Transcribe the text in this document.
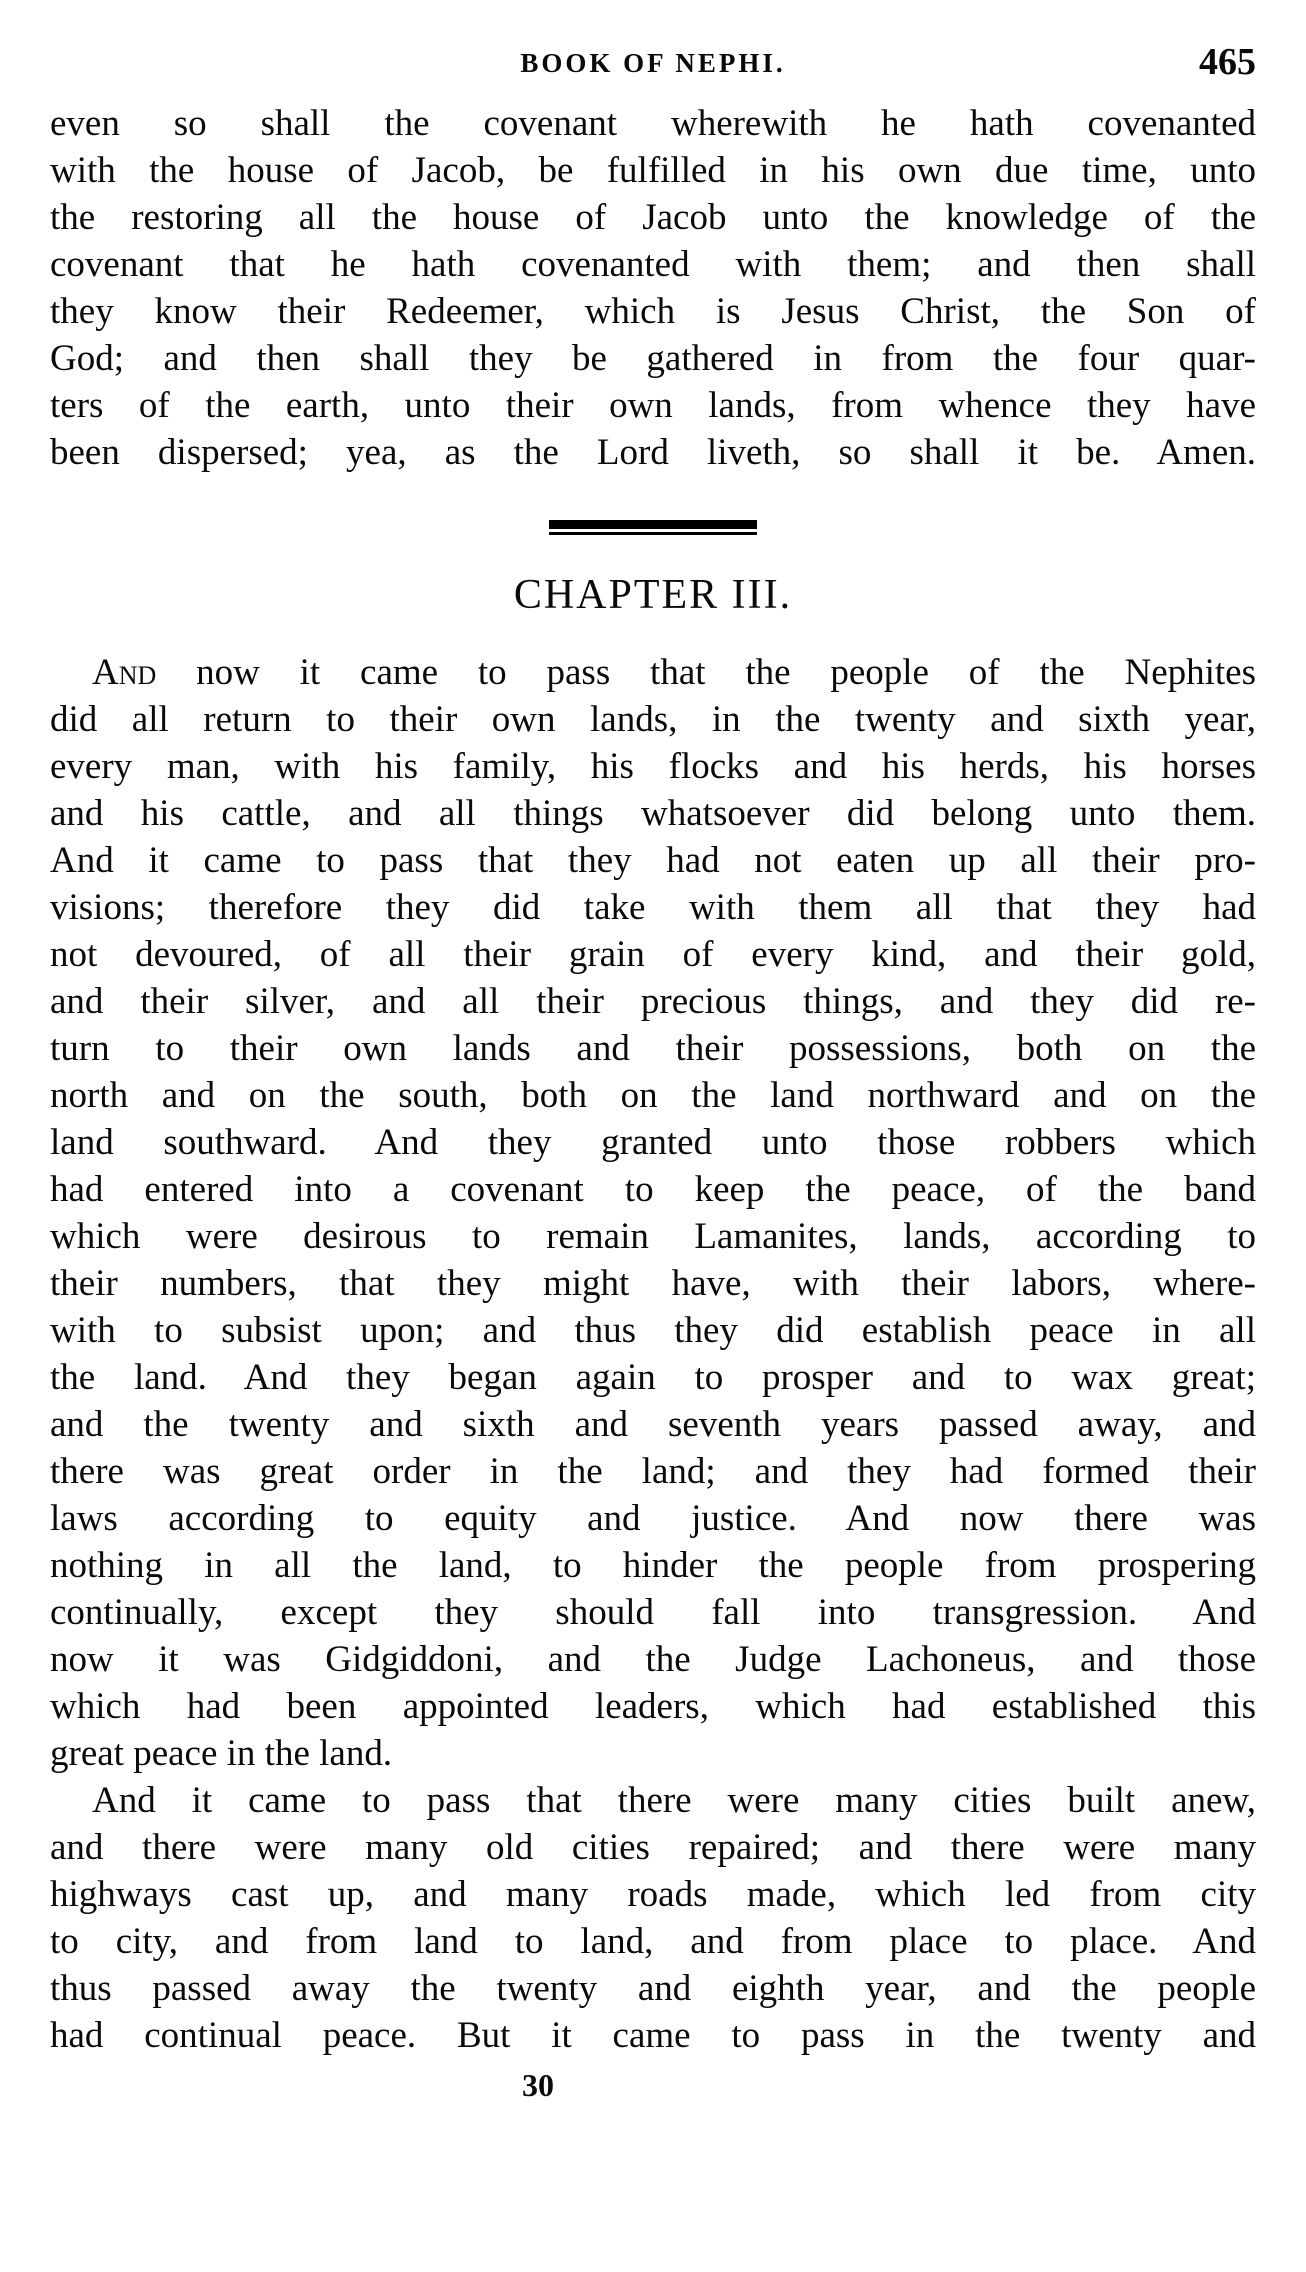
BOOK OF NEPHI.	465
even so shall the covenant wherewith he hath covenanted
with the house of Jacob, be fulfilled in his own due time, unto
the restoring all the house of Jacob unto the knowledge of the
covenant that he hath covenanted with them; and then shall
they know their Redeemer, which is Jesus Christ, the Son of
God; and then shall they be gathered in from the four quar-
ters of the earth, unto their own lands, from whence they have
been dispersed; yea, as the Lord liveth, so shall it be. Amen.
CHAPTER III.
And now it came to pass that the people of the Nephites
did all return to their own lands, in the twenty and sixth year,
every man, with his family, his flocks and his herds, his horses
and his cattle, and all things whatsoever did belong unto them.
And it came to pass that they had not eaten up all their pro-
visions; therefore they did take with them all that they had
not devoured, of all their grain of every kind, and their gold,
and their silver, and all their precious things, and they did re-
turn to their own lands and their possessions, both on the
north and on the south, both on the land northward and on the
land southward. And they granted unto those robbers which
had entered into a covenant to keep the peace, of the band
which were desirous to remain Lamanites, lands, according to
their numbers, that they might have, with their labors, where-
with to subsist upon; and thus they did establish peace in all
the land. And they began again to prosper and to wax great;
and the twenty and sixth and seventh years passed away, and
there was great order in the land; and they had formed their
laws according to equity and justice. And now there was
nothing in all the land, to hinder the people from prospering
continually, except they should fall into transgression. And
now it was Gidgiddoni, and the Judge Lachoneus, and those
which had been appointed leaders, which had established this
great peace in the land.
And it came to pass that there were many cities built anew,
and there were many old cities repaired; and there were many
highways cast up, and many roads made, which led from city
to city, and from land to land, and from place to place. And
thus passed away the twenty and eighth year, and the people
had continual peace. But it came to pass in the twenty and
30
